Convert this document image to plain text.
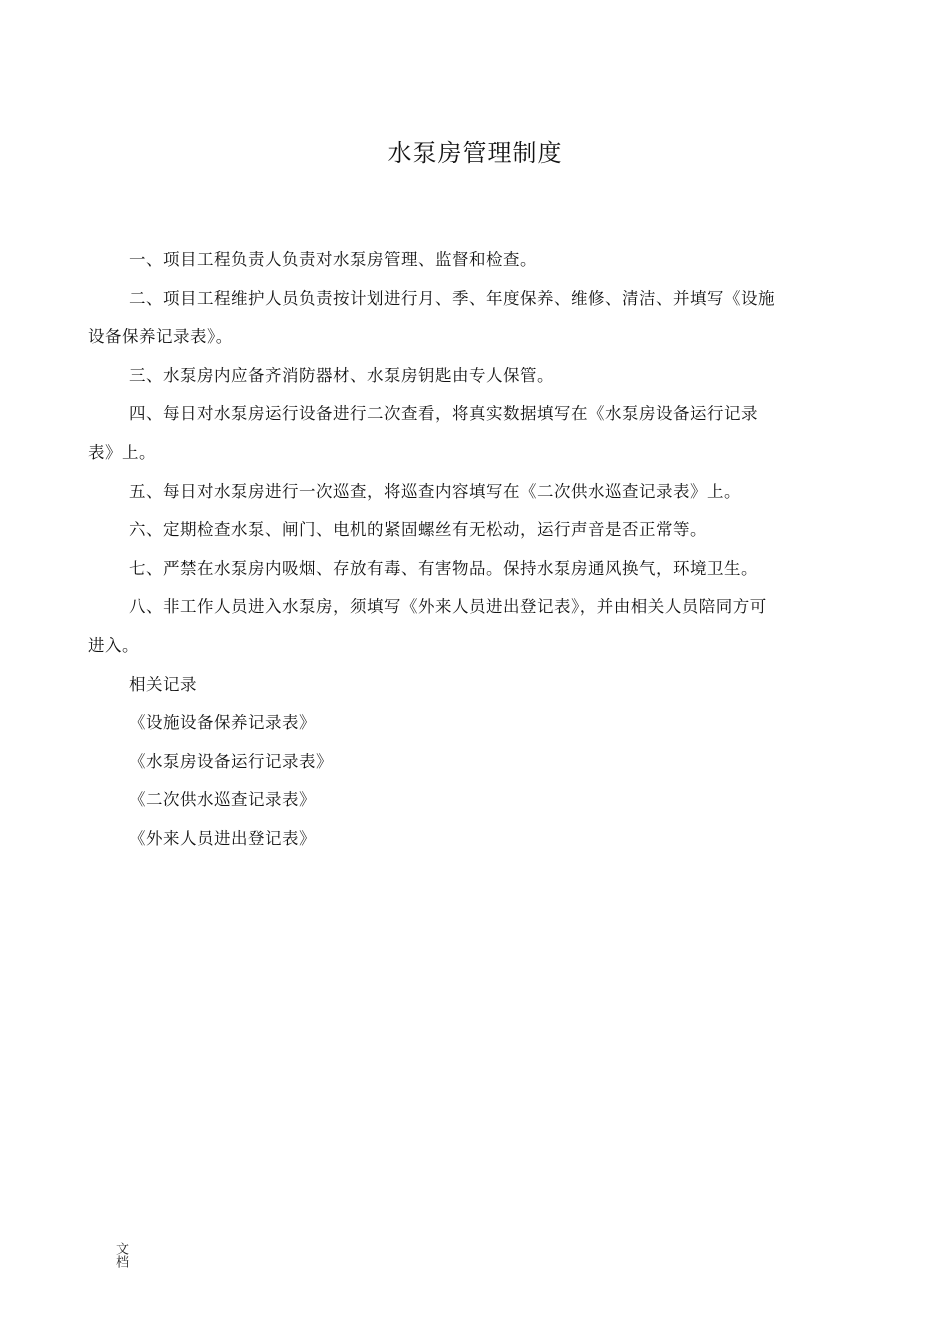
水泵房管理制度

一、项目工程负责人负责对水泵房管理、监督和检查。

二、项目工程维护人员负责按计划进行月、季、年度保养、维修、清洁、并填写《设施设备保养记录表》。

三、水泵房内应备齐消防器材、水泵房钥匙由专人保管。

四、每日对水泵房运行设备进行二次查看，将真实数据填写在《水泵房设备运行记录表》上。

五、每日对水泵房进行一次巡查，将巡查内容填写在《二次供水巡查记录表》上。

六、定期检查水泵、闸门、电机的紧固螺丝有无松动，运行声音是否正常等。

七、严禁在水泵房内吸烟、存放有毒、有害物品。保持水泵房通风换气，环境卫生。

八、非工作人员进入水泵房，须填写《外来人员进出登记表》，并由相关人员陪同方可进入。

相关记录

《设施设备保养记录表》
《水泵房设备运行记录表》
《二次供水巡查记录表》
《外来人员进出登记表》
文档
